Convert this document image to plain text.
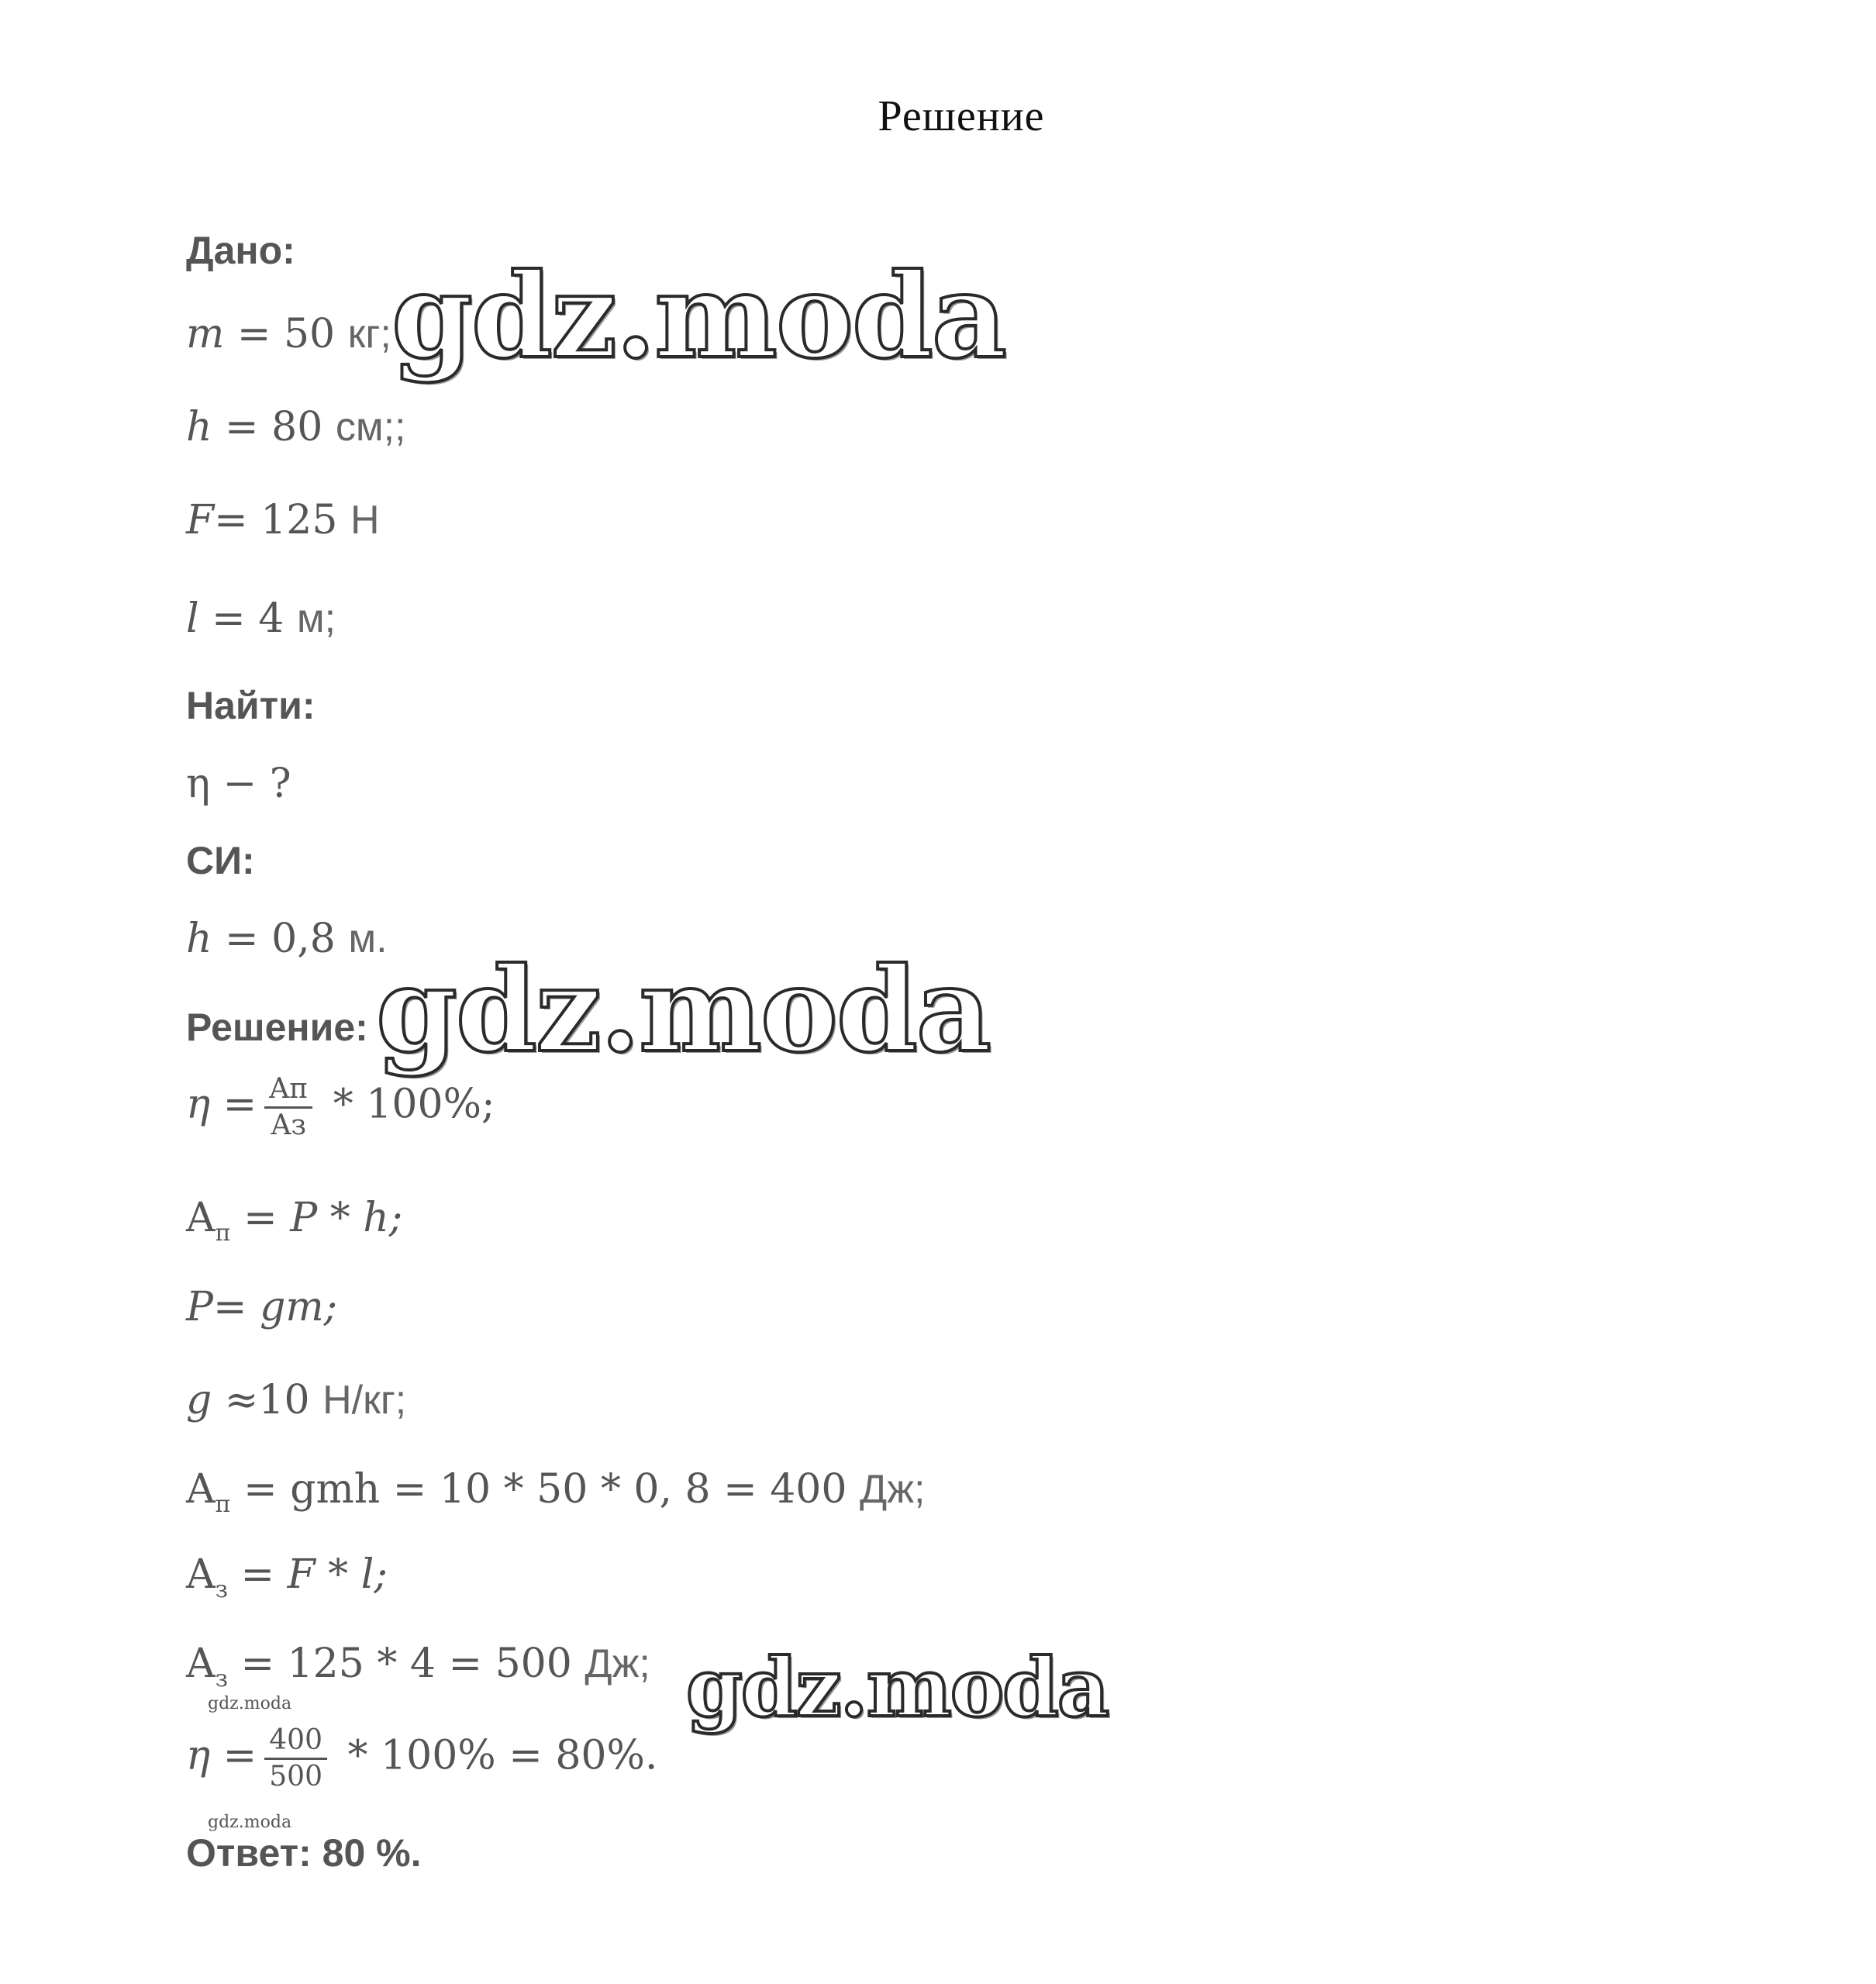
Решение
Дано:
m = 50 кг;
h = 80 см;;
F= 125 Н
l = 4 м;
Найти:
η − ?
СИ:
h = 0,8 м.
Решение:
$\eta = \frac{Aп}{Aз} * 100\%$;
$A_п = P * h$;
P= gm;
g ≈10 Н/кг;
$A_п$ = gmh = 10 * 50 * 0, 8 = 400 Дж;
$A_з = F * l$;
$A_з = 125 * 4 = 500$ Дж;
$\eta = \frac{400}{500} * 100\% = 80\%$.
Ответ: 80 %.
gdz.moda
gdz.moda
gdz.moda
gdz.moda
gdz.moda
